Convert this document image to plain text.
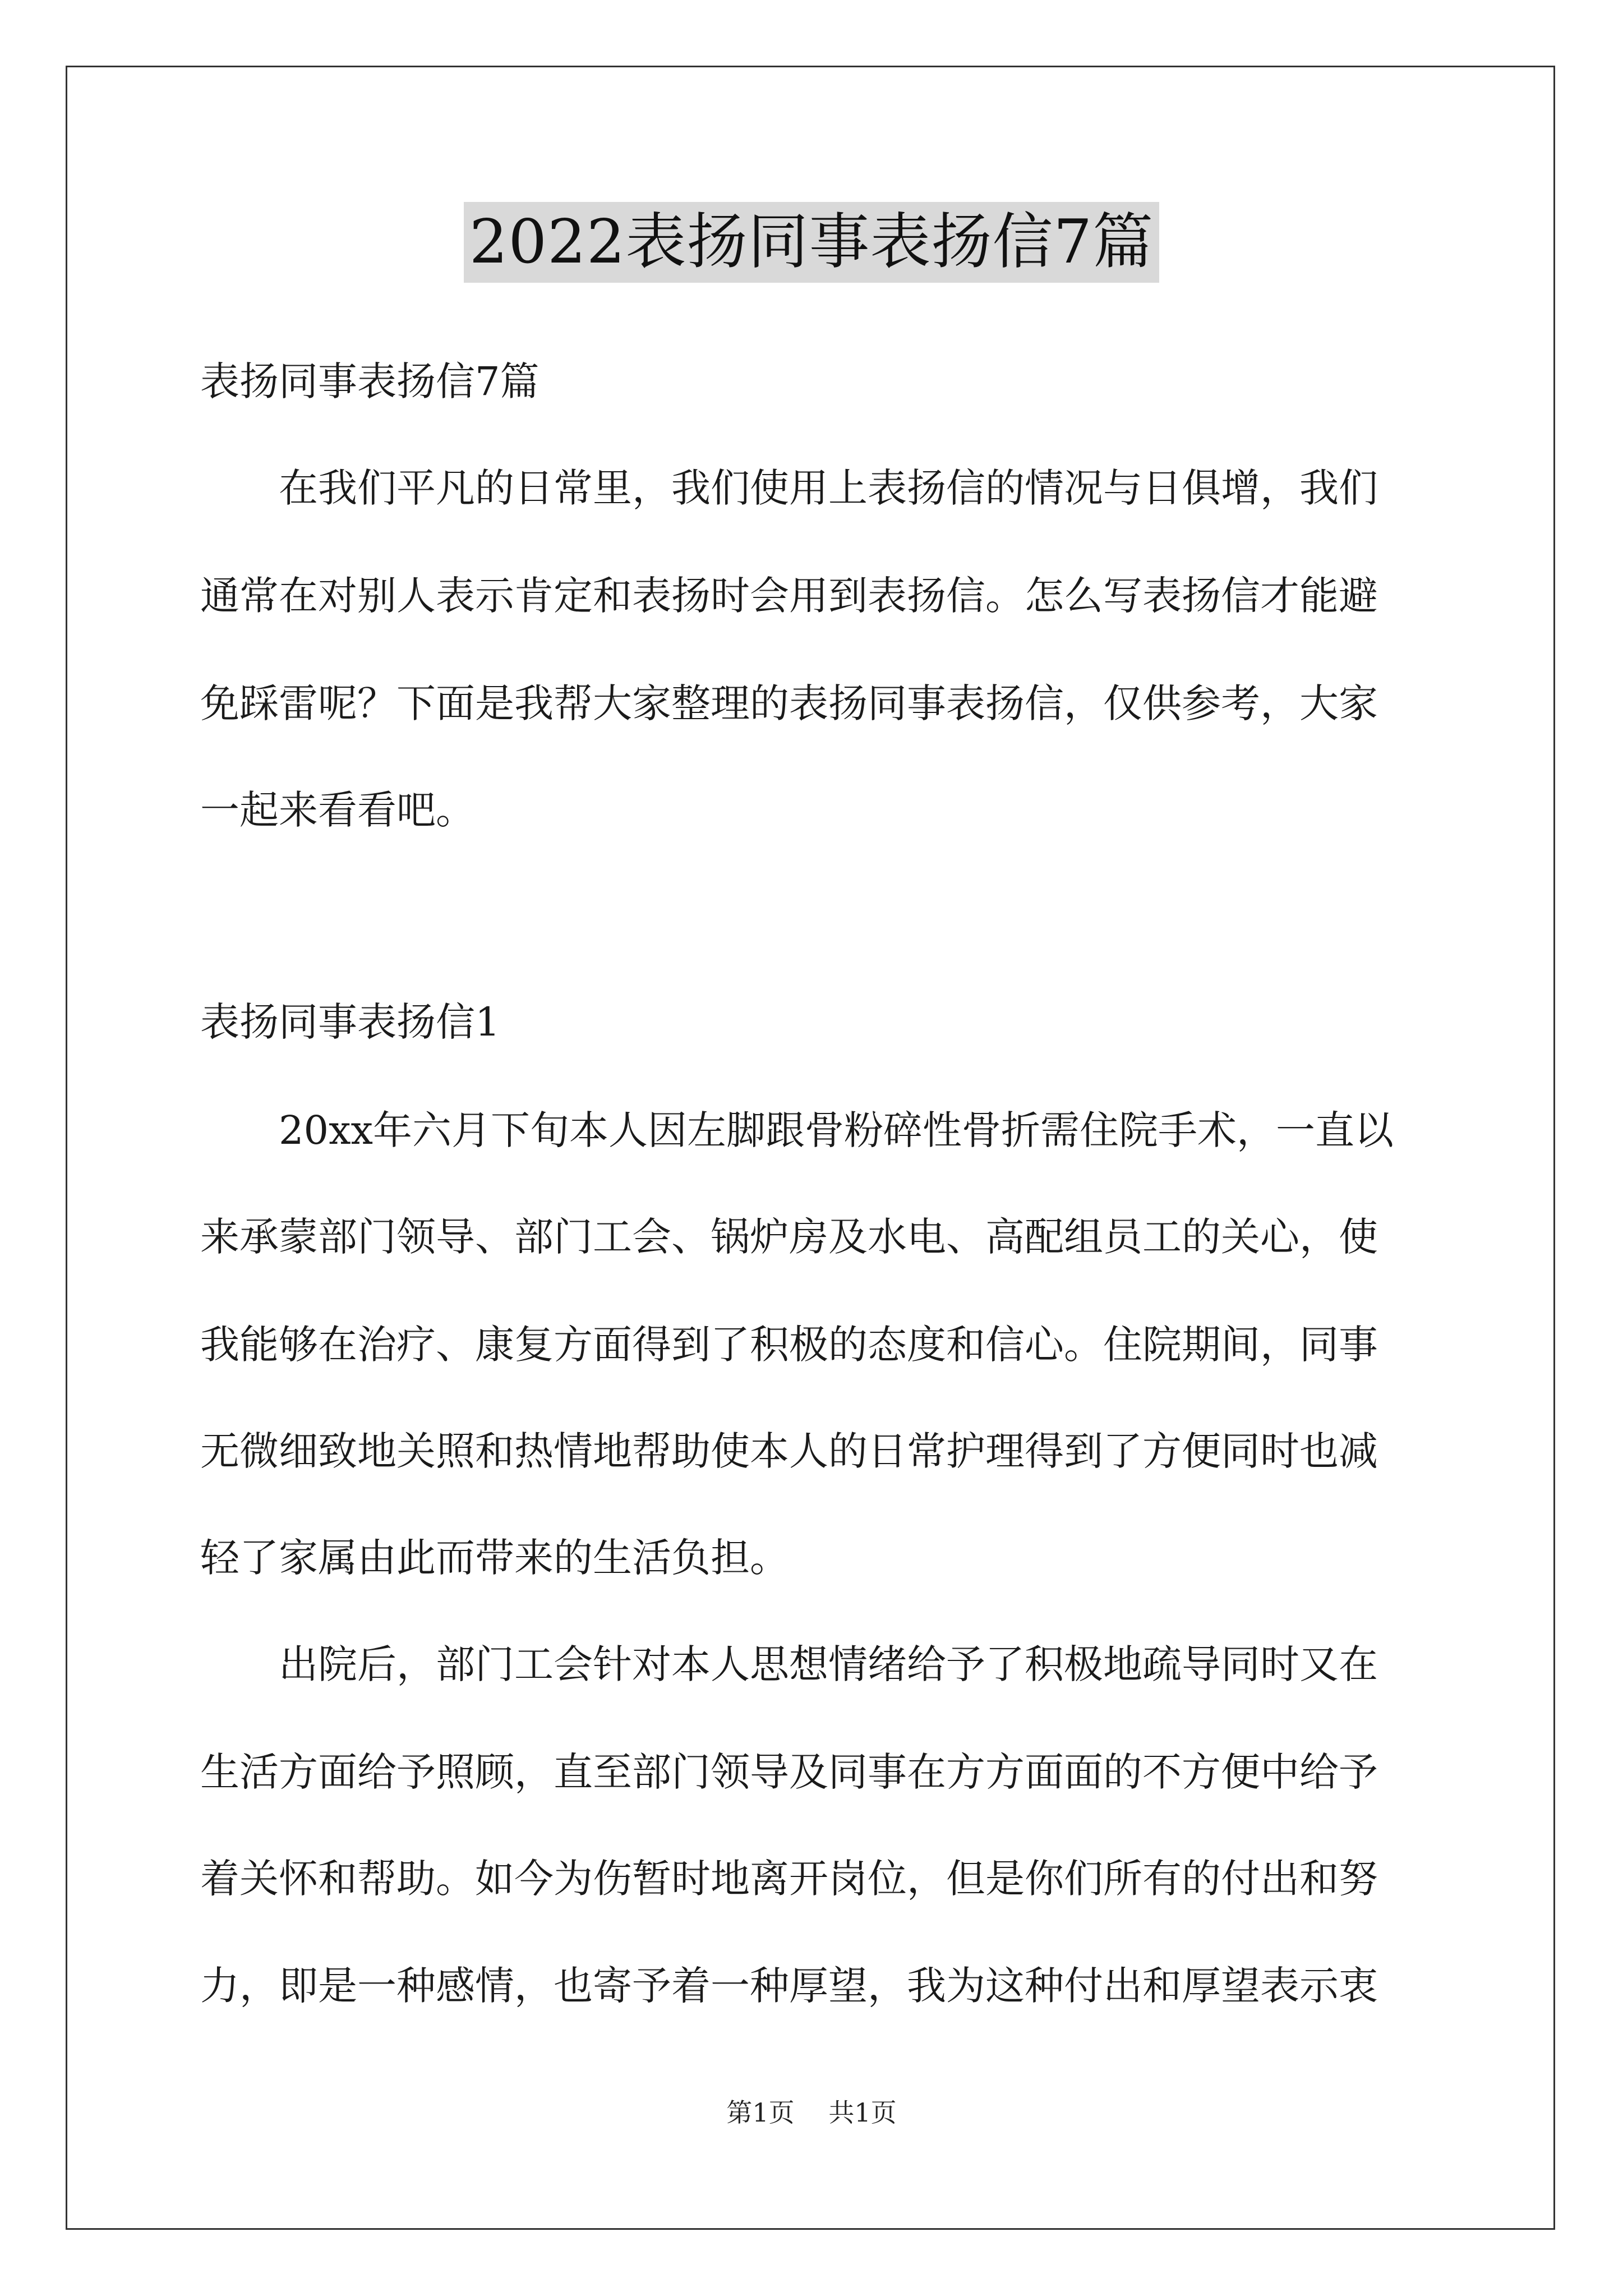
2022表扬同事表扬信7篇
表扬同事表扬信7篇
在我们平凡的日常里，我们使用上表扬信的情况与日俱增，我们
通常在对别人表示肯定和表扬时会用到表扬信。怎么写表扬信才能避
免踩雷呢？下面是我帮大家整理的表扬同事表扬信，仅供参考，大家
一起来看看吧。
表扬同事表扬信1
20xx年六月下旬本人因左脚跟骨粉碎性骨折需住院手术，一直以
来承蒙部门领导、部门工会、锅炉房及水电、高配组员工的关心，使
我能够在治疗、康复方面得到了积极的态度和信心。住院期间，同事
无微细致地关照和热情地帮助使本人的日常护理得到了方便同时也减
轻了家属由此而带来的生活负担。
出院后，部门工会针对本人思想情绪给予了积极地疏导同时又在
生活方面给予照顾，直至部门领导及同事在方方面面的不方便中给予
着关怀和帮助。如今为伤暂时地离开岗位，但是你们所有的付出和努
力，即是一种感情，也寄予着一种厚望，我为这种付出和厚望表示衷
第1页 共1页
